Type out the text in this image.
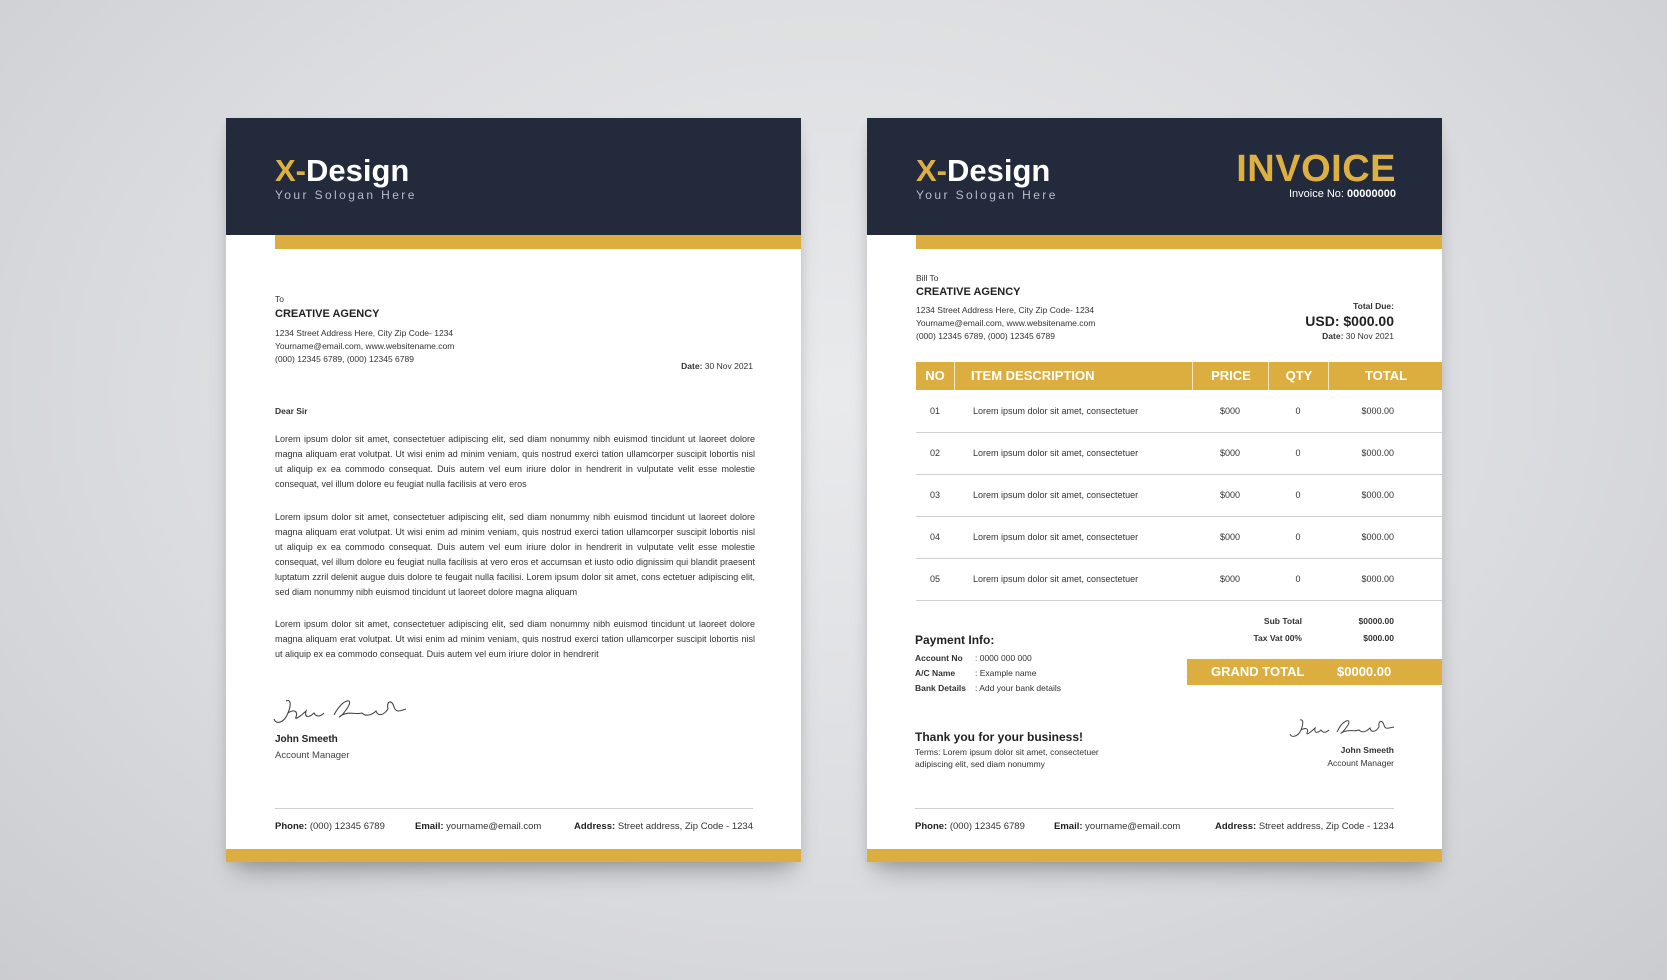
X-Design
Your Sologan Here
To
CREATIVE AGENCY
1234 Street Address Here, City Zip Code- 1234
Yourname@email.com, www.websitename.com
(000) 12345 6789, (000) 12345 6789
Date: 30 Nov 2021
Dear Sir
Lorem ipsum dolor sit amet, consectetuer adipiscing elit, sed diam nonummy nibh euismod tincidunt ut laoreet dolore magna aliquam erat volutpat. Ut wisi enim ad minim veniam, quis nostrud exerci tation ullamcorper suscipit lobortis nisl ut aliquip ex ea commodo consequat. Duis autem vel eum iriure dolor in hendrerit in vulputate velit esse molestie consequat, vel illum dolore eu feugiat nulla facilisis at vero eros
Lorem ipsum dolor sit amet, consectetuer adipiscing elit, sed diam nonummy nibh euismod tincidunt ut laoreet dolore magna aliquam erat volutpat. Ut wisi enim ad minim veniam, quis nostrud exerci tation ullamcorper suscipit lobortis nisl ut aliquip ex ea commodo consequat. Duis autem vel eum iriure dolor in hendrerit in vulputate velit esse molestie consequat, vel illum dolore eu feugiat nulla facilisis at vero eros et accumsan et iusto odio dignissim qui blandit praesent luptatum zzril delenit augue duis dolore te feugait nulla facilisi. Lorem ipsum dolor sit amet, cons ectetuer adipiscing elit, sed diam nonummy nibh euismod tincidunt ut laoreet dolore magna aliquam
Lorem ipsum dolor sit amet, consectetuer adipiscing elit, sed diam nonummy nibh euismod tincidunt ut laoreet dolore magna aliquam erat volutpat. Ut wisi enim ad minim veniam, quis nostrud exerci tation ullamcorper suscipit lobortis nisl ut aliquip ex ea commodo consequat. Duis autem vel eum iriure dolor in hendrerit
John Smeeth
Account Manager
Phone: (000) 12345 6789	Email: yourname@email.com	Address: Street address, Zip Code - 1234
X-Design
Your Sologan Here
INVOICE
Invoice No: 00000000
Bill To
CREATIVE AGENCY
1234 Street Address Here, City Zip Code- 1234
Yourname@email.com, www.websitename.com
(000) 12345 6789, (000) 12345 6789
Total Due:
USD: $000.00
Date: 30 Nov 2021
NO	ITEM DESCRIPTION	PRICE	QTY	TOTAL
01	Lorem ipsum dolor sit amet, consectetuer	$000	0	$000.00
02	Lorem ipsum dolor sit amet, consectetuer	$000	0	$000.00
03	Lorem ipsum dolor sit amet, consectetuer	$000	0	$000.00
04	Lorem ipsum dolor sit amet, consectetuer	$000	0	$000.00
05	Lorem ipsum dolor sit amet, consectetuer	$000	0	$000.00
Sub Total	$0000.00
Tax Vat 00%	$000.00
GRAND TOTAL	$0000.00
Payment Info:
Account No : 0000 000 000
A/C Name : Example name
Bank Details : Add your bank details
Thank you for your business!
Terms: Lorem ipsum dolor sit amet, consectetuer
adipiscing elit, sed diam nonummy
John Smeeth
Account Manager
Phone: (000) 12345 6789	Email: yourname@email.com	Address: Street address, Zip Code - 1234
